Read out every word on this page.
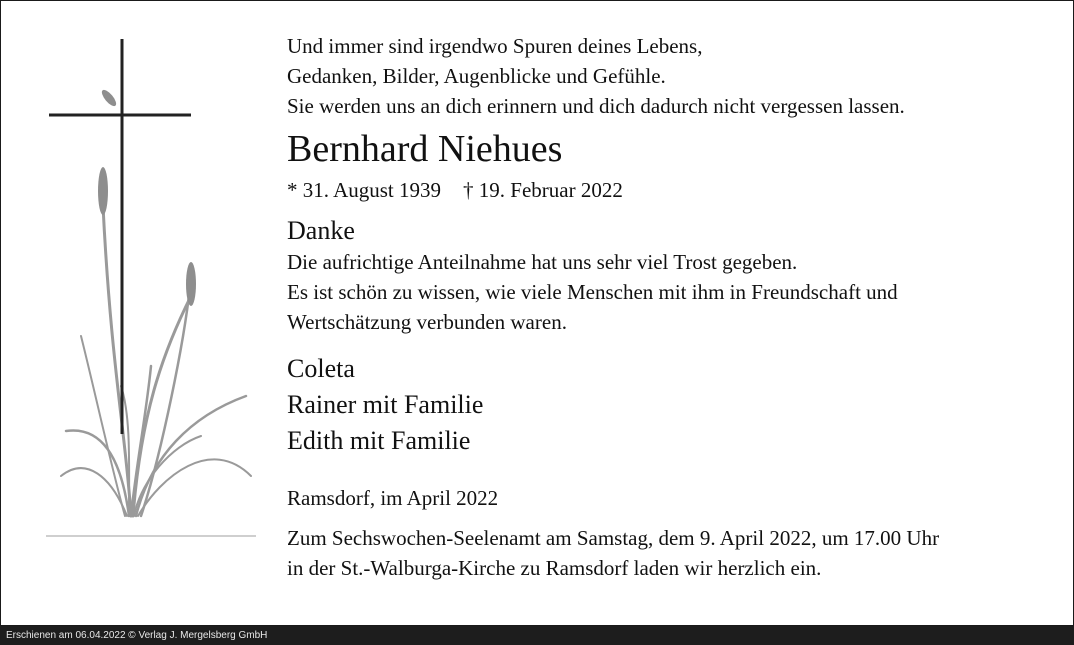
Und immer sind irgendwo Spuren deines Lebens,
Gedanken, Bilder, Augenblicke und Gefühle.
Sie werden uns an dich erinnern und dich dadurch nicht vergessen lassen.
Bernhard Niehues
* 31. August 1939 † 19. Februar 2022
Danke
Die aufrichtige Anteilnahme hat uns sehr viel Trost gegeben.
Es ist schön zu wissen, wie viele Menschen mit ihm in Freundschaft und
Wertschätzung verbunden waren.
Coleta
Rainer mit Familie
Edith mit Familie
Ramsdorf, im April 2022
Zum Sechswochen-Seelenamt am Samstag, dem 9. April 2022, um 17.00 Uhr
in der St.-Walburga-Kirche zu Ramsdorf laden wir herzlich ein.
Erschienen am 06.04.2022 © Verlag J. Mergelsberg GmbH
